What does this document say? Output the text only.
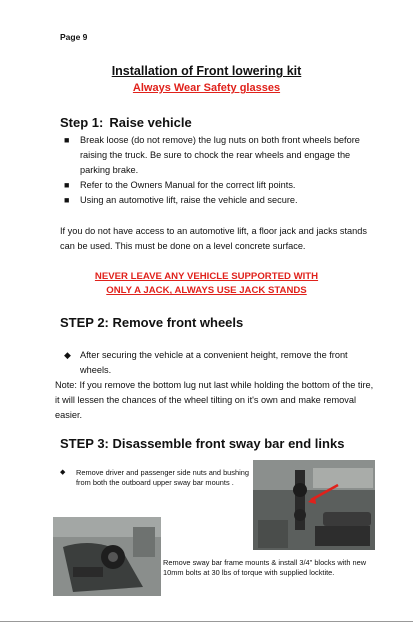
Page 9
Installation of Front lowering kit
Always Wear Safety glasses
Step 1: Raise vehicle
■ Break loose (do not remove) the lug nuts on both front wheels before raising the truck. Be sure to chock the rear wheels and engage the parking brake.
■ Refer to the Owners Manual for the correct lift points.
■ Using an automotive lift, raise the vehicle and secure.
If you do not have access to an automotive lift, a floor jack and jacks stands can be used. This must be done on a level concrete surface.
NEVER LEAVE ANY VEHICLE SUPPORTED WITH
ONLY A JACK, ALWAYS USE JACK STANDS
STEP 2: Remove front wheels
◆ After securing the vehicle at a convenient height, remove the front wheels.
Note: If you remove the bottom lug nut last while holding the bottom of the tire, it will lessen the chances of the wheel tilting on it's own and make removal easier.
STEP 3: Disassemble front sway bar end links
◆	Remove driver and passenger side nuts and bushing from both the outboard upper sway bar mounts .
Remove sway bar frame mounts & install 3/4" blocks with new 10mm bolts at 30 lbs of torque with supplied locktite.
